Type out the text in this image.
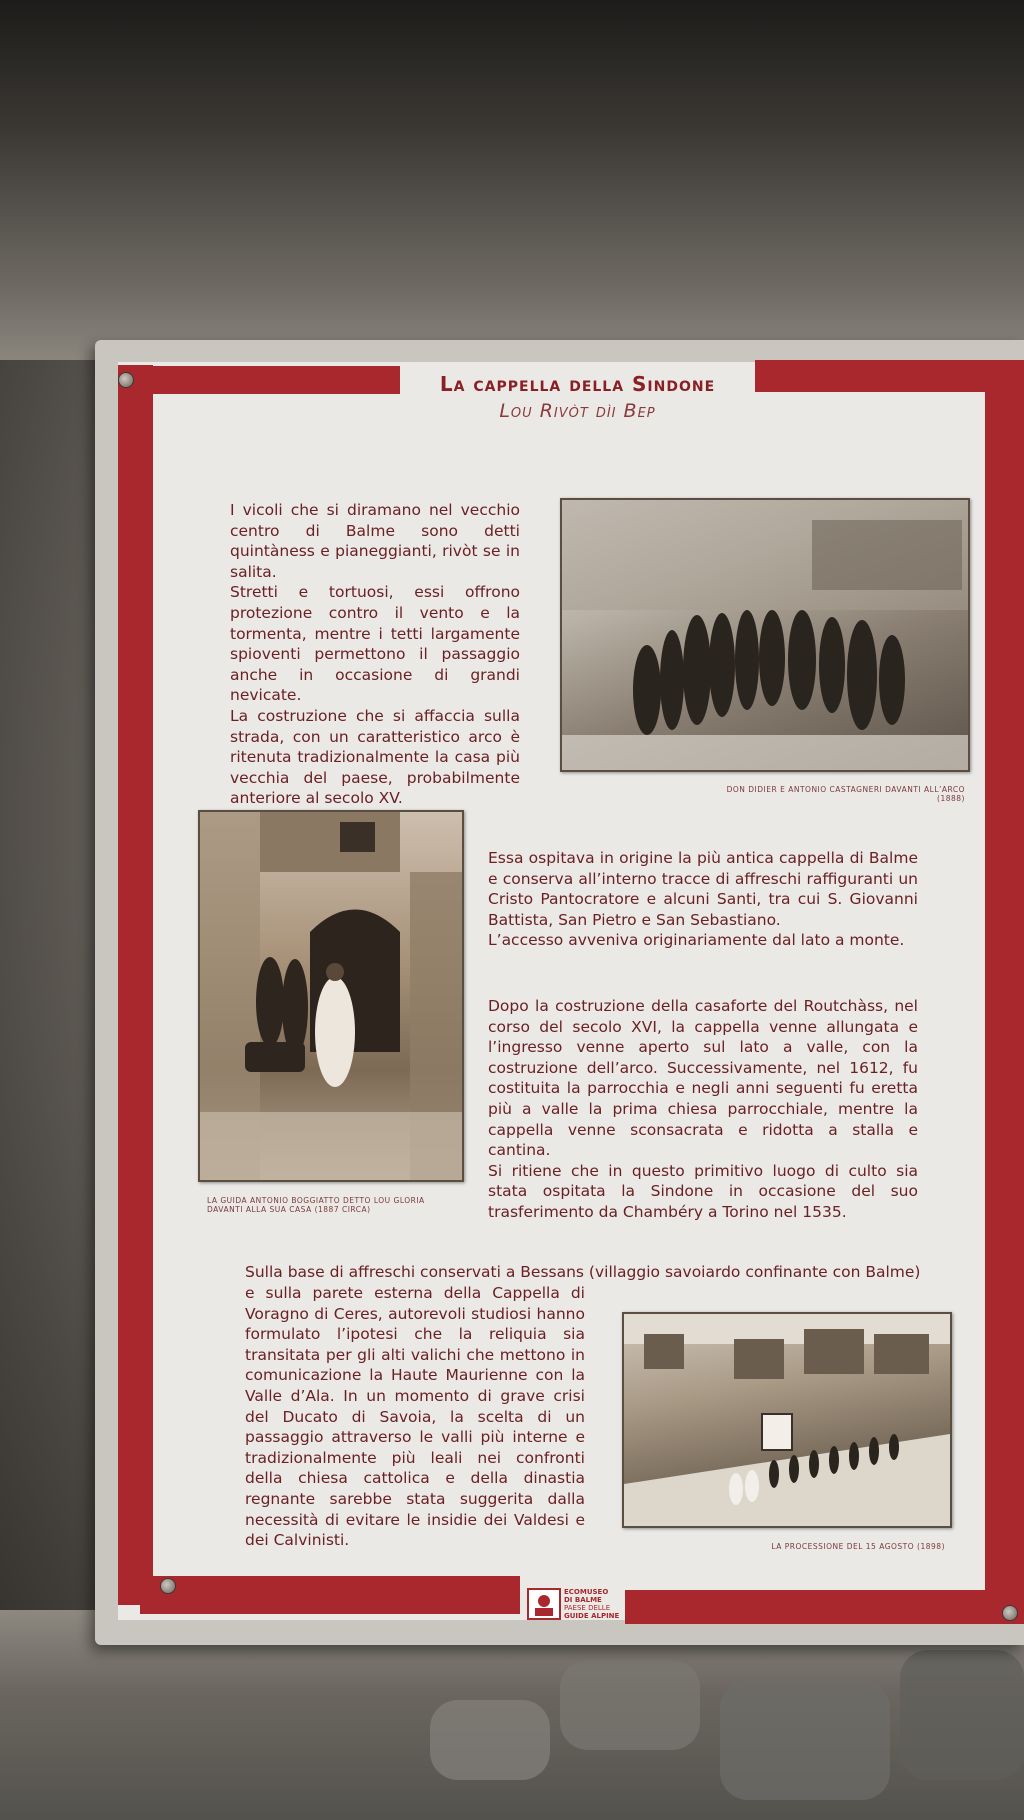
La cappella della Sindone
Lou Rivòt dìi Bep

I vicoli che si diramano nel vecchio centro di Balme sono detti quintàness e pianeggianti, rivòt se in salita.

Stretti e tortuosi, essi offrono protezione contro il vento e la tormenta, mentre i tetti largamente spioventi permettono il passaggio anche in occasione di grandi nevicate.

La costruzione che si affaccia sulla strada, con un caratteristico arco è ritenuta tradizionalmente la casa più vecchia del paese, probabilmente anteriore al secolo XV.	DON DIDIER E ANTONIO CASTAGNERI DAVANTI ALL’ARCO (1888)
LA GUIDA ANTONIO BOGGIATTO DETTO LOU GLORIA
DAVANTI ALLA SUA CASA (1887 CIRCA)

Essa ospitava in origine la più antica cappella di Balme e conserva all’interno tracce di affreschi raffiguranti un Cristo Pantocratore e alcuni Santi, tra cui S. Giovanni Battista, San Pietro e San Sebastiano.

L’accesso avveniva originariamente dal lato a monte.

Dopo la costruzione della casaforte del Routchàss, nel corso del secolo XVI, la cappella venne allungata e l’ingresso venne aperto sul lato a valle, con la costruzione dell’arco. Successivamente, nel 1612, fu costituita la parrocchia e negli anni seguenti fu eretta più a valle la prima chiesa parrocchiale, mentre la cappella venne sconsacrata e ridotta a stalla e cantina.

Si ritiene che in questo primitivo luogo di culto sia stata ospitata la Sindone in occasione del suo trasferimento da Chambéry a Torino nel 1535.

Sulla base di affreschi conservati a Bessans (villaggio savoiardo confinante con Balme)
e sulla parete esterna della Cappella di Voragno di Ceres, autorevoli studiosi hanno formulato l’ipotesi che la reliquia sia transitata per gli alti valichi che mettono in comunicazione la Haute Maurienne con la Valle d’Ala. In un momento di grave crisi del Ducato di Savoia, la scelta di un passaggio attraverso le valli più interne e tradizionalmente più leali nei confronti della chiesa cattolica e della dinastia regnante sarebbe stata suggerita dalla necessità di evitare le insidie dei Valdesi e dei Calvinisti.	LA PROCESSIONE DEL 15 AGOSTO (1898)
ECOMUSEO
DI BALME
PAESE DELLE
GUIDE ALPINE
